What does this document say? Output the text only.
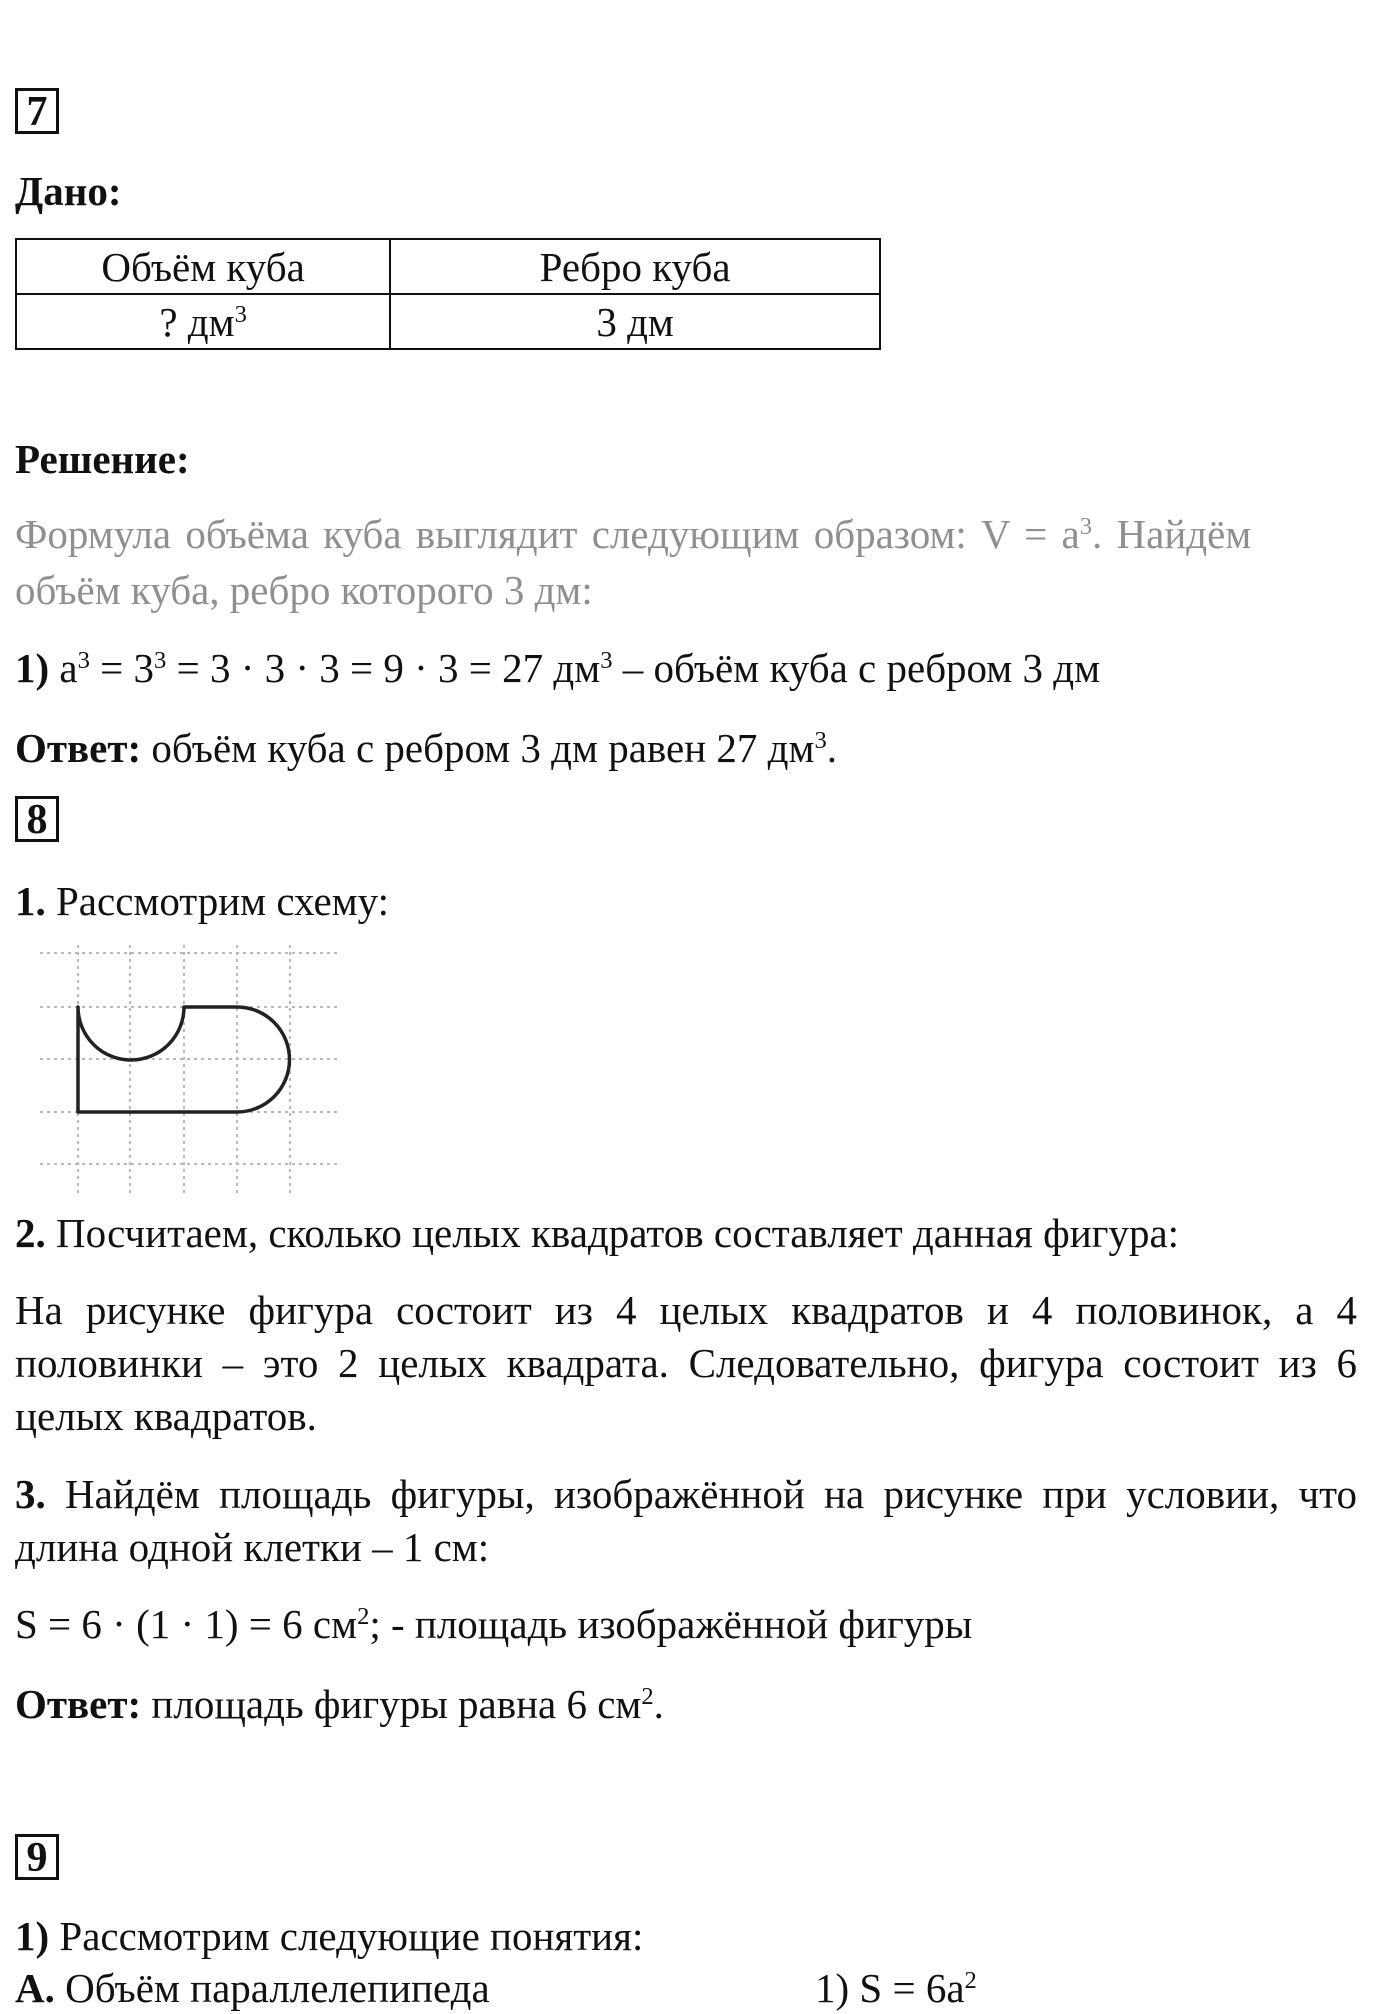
7
Дано:
Объём куба	Ребро куба
? $дм^3$	3 дм
Решение:
Формула объёма куба выглядит следующим образом: $V = a^3$. Найдём
объём куба, ребро которого 3 дм:
1) $a^3 = 3^3 = 3 \cdot 3 \cdot 3 = 9 \cdot 3 = 27$ $дм^3$ – объём куба с ребром 3 дм
Ответ: объём куба с ребром 3 дм равен 27 $дм^3$.
8
1. Рассмотрим схему:
2. Посчитаем, сколько целых квадратов составляет данная фигура:
На рисунке фигура состоит из 4 целых квадратов и 4 половинок, а 4
половинки – это 2 целых квадрата. Следовательно, фигура состоит из 6
целых квадратов.
3. Найдём площадь фигуры, изображённой на рисунке при условии, что
длина одной клетки – 1 см:
S = 6 · (1 · 1) = 6 $см^2$; - площадь изображённой фигуры
Ответ: площадь фигуры равна 6 $см^2$.
9
1) Рассмотрим следующие понятия:
А. Объём параллелепипеда	1) $S = 6a^2$
